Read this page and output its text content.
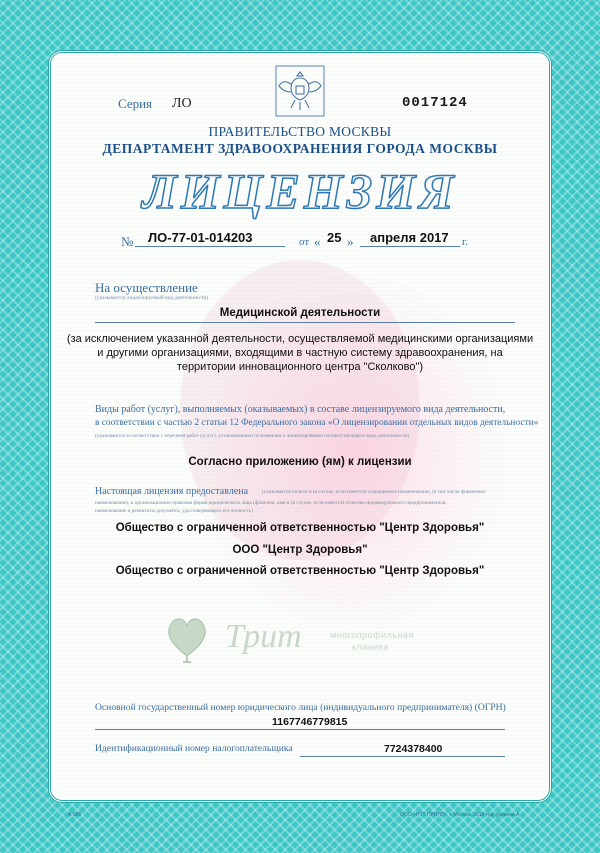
Серия ЛО	0017124

ПРАВИТЕЛЬСТВО МОСКВЫ

ДЕПАРТАМЕНТ ЗДРАВООХРАНЕНИЯ ГОРОДА МОСКВЫ

ЛИЦЕНЗИЯ

№ ЛО-77-01-014203	от « 25 » апреля 2017 г.

На осуществление

(указывается лицензируемый вид деятельности)

Медицинской деятельности

(за исключением указанной деятельности, осуществляемой медицинскими организациями

и другими организациями, входящими в частную систему здравоохранения, на

территории инновационного центра "Сколково")

Виды работ (услуг), выполняемых (оказываемых) в составе лицензируемого вида деятельности,

в соответствии с частью 2 статьи 12 Федерального закона «О лицензировании отдельных видов деятельности»

(указываются в соответствии с перечнем работ (услуг), установленным положением о лицензировании соответствующего вида деятельности)

Согласно приложению (ям) к лицензии

Настоящая лицензия предоставлена	(указывается полное и (в случае, если имеется) сокращенное наименование, (в том числе фирменное

наименование), и организационно-правовая форма юридического лица (фамилия, имя и (в случае, если имеется) отчество индивидуального предпринимателя,

наименование и реквизиты документа, удостоверяющего его личность)

Общество с ограниченной ответственностью "Центр Здоровья"

ООО "Центр Здоровья"

Общество с ограниченной ответственностью "Центр Здоровья"

Трит	многопрофильная

клиника

Основной государственный номер юридического лица (индивидуального предпринимателя) (ОГРН)

1167746779815

Идентификационный номер налогоплательщика	7724378400

А-905	ООО «НТТ ПРИНТ», г. Москва, 2016 год, уровень А
